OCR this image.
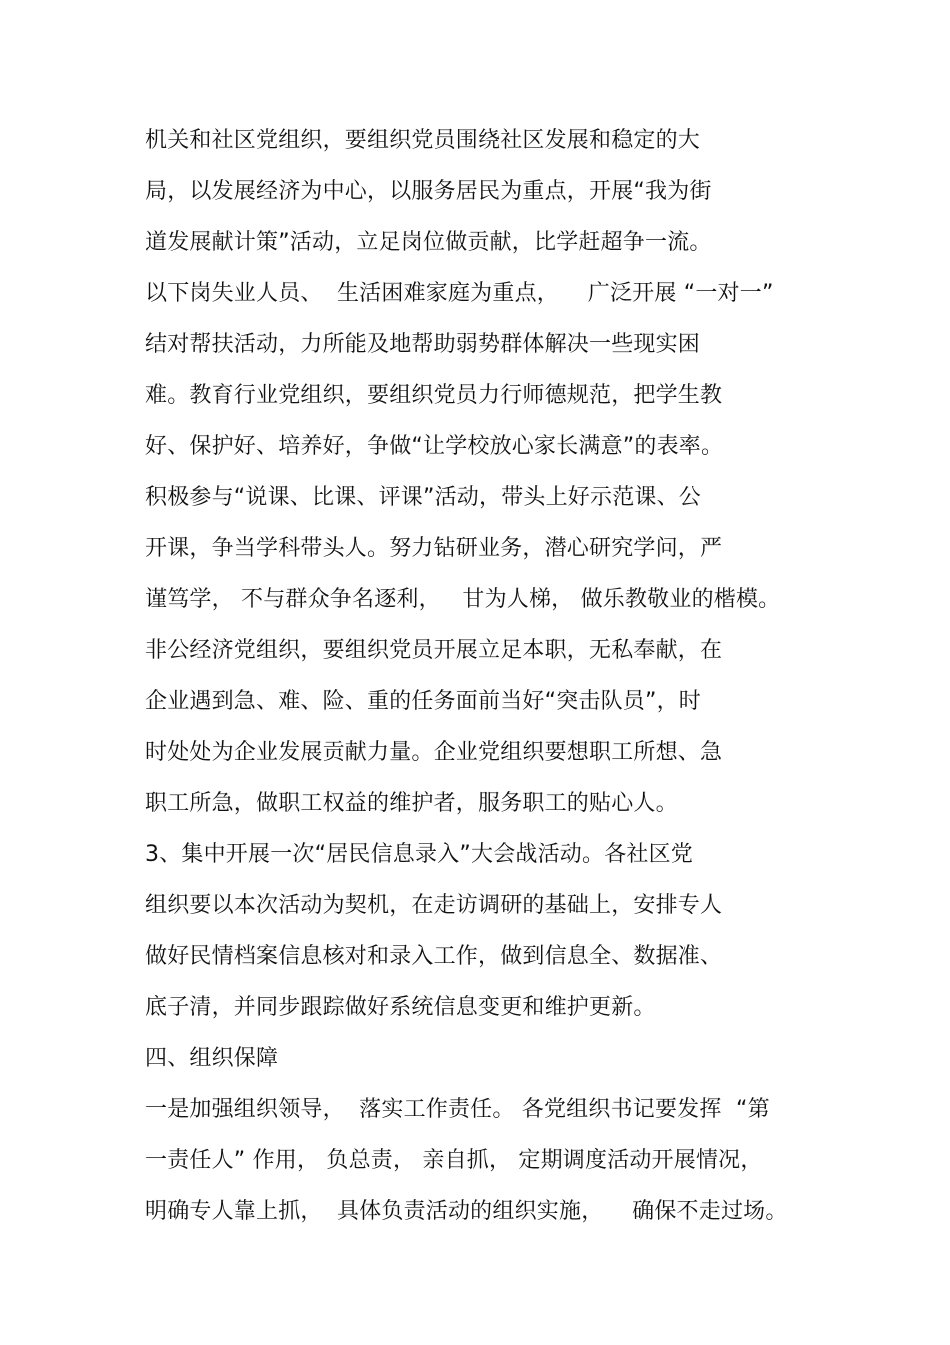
机关和社区党组织，要组织党员围绕社区发展和稳定的大
局，以发展经济为中心，以服务居民为重点，开展“我为街
道发展献计策”活动，立足岗位做贡献，比学赶超争一流。
以下岗失业人员、  生活困难家庭为重点，    广泛开展 “一对一”
结对帮扶活动，力所能及地帮助弱势群体解决一些现实困
难。教育行业党组织，要组织党员力行师德规范，把学生教
好、保护好、培养好，争做“让学校放心家长满意”的表率。
积极参与“说课、比课、评课”活动，带头上好示范课、公
开课，争当学科带头人。努力钻研业务，潜心研究学问，严
谨笃学， 不与群众争名逐利，   甘为人梯， 做乐教敬业的楷模。
非公经济党组织，要组织党员开展立足本职，无私奉献，在
企业遇到急、难、险、重的任务面前当好“突击队员”，时
时处处为企业发展贡献力量。企业党组织要想职工所想、急
职工所急，做职工权益的维护者，服务职工的贴心人。
3、集中开展一次“居民信息录入”大会战活动。各社区党
组织要以本次活动为契机，在走访调研的基础上，安排专人
做好民情档案信息核对和录入工作，做到信息全、数据准、
底子清，并同步跟踪做好系统信息变更和维护更新。
四、组织保障
一是加强组织领导，  落实工作责任。 各党组织书记要发挥  “第
一责任人” 作用， 负总责， 亲自抓， 定期调度活动开展情况，
明确专人靠上抓，  具体负责活动的组织实施，    确保不走过场。
